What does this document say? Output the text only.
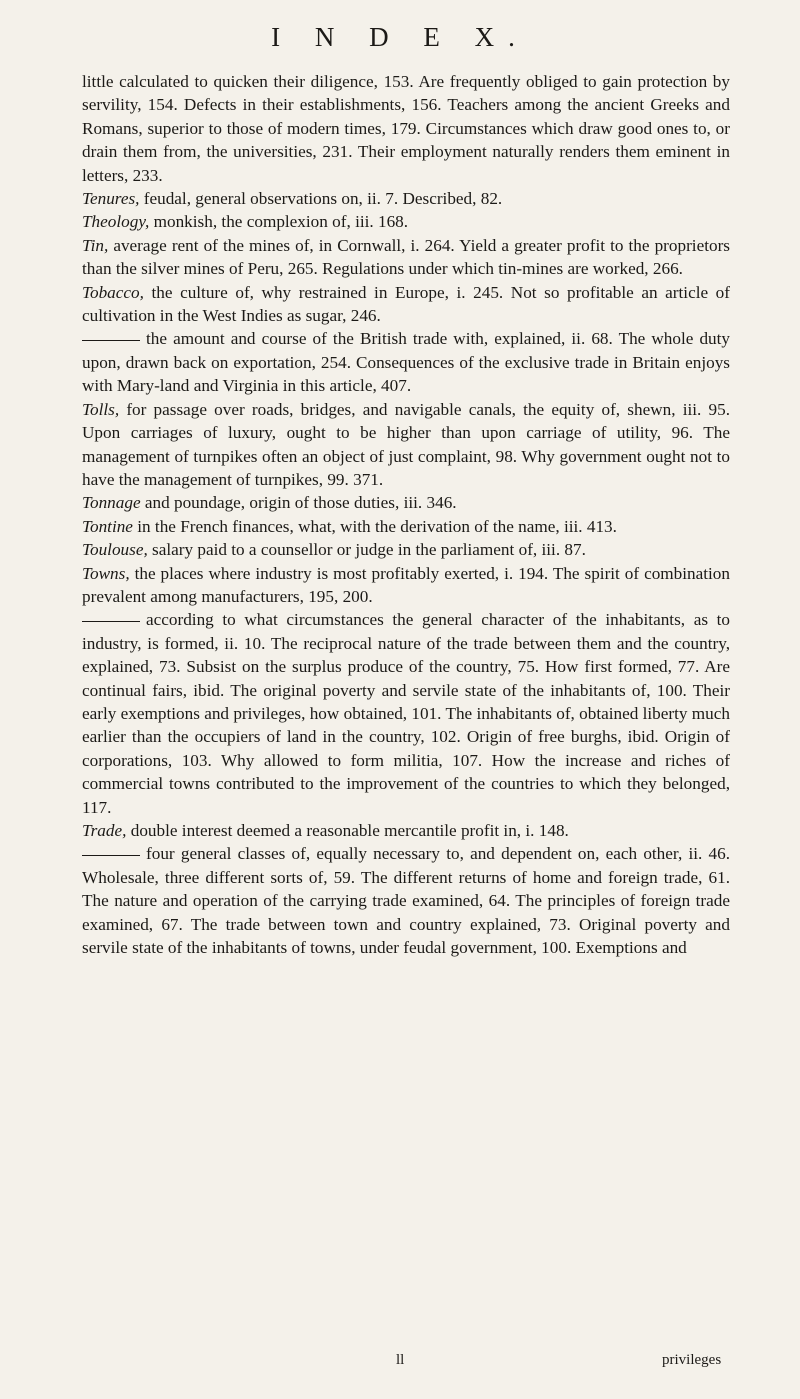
I N D E X.

little calculated to quicken their diligence, 153. Are frequently obliged to gain protection by servility, 154. Defects in their establishments, 156. Teachers among the ancient Greeks and Romans, superior to those of modern times, 179. Circumstances which draw good ones to, or drain them from, the universities, 231. Their employment naturally renders them eminent in letters, 233.

Tenures, feudal, general observations on, ii. 7. Described, 82.

Theology, monkish, the complexion of, iii. 168.

Tin, average rent of the mines of, in Cornwall, i. 264. Yield a greater profit to the proprietors than the silver mines of Peru, 265. Regulations under which tin-mines are worked, 266.

Tobacco, the culture of, why restrained in Europe, i. 245. Not so profitable an article of cultivation in the West Indies as sugar, 246.

the amount and course of the British trade with, explained, ii. 68. The whole duty upon, drawn back on exportation, 254. Consequences of the exclusive trade in Britain enjoys with Mary-land and Virginia in this article, 407.

Tolls, for passage over roads, bridges, and navigable canals, the equity of, shewn, iii. 95. Upon carriages of luxury, ought to be higher than upon carriage of utility, 96. The management of turnpikes often an object of just complaint, 98. Why government ought not to have the management of turnpikes, 99. 371.

Tonnage and poundage, origin of those duties, iii. 346.

Tontine in the French finances, what, with the derivation of the name, iii. 413.

Toulouse, salary paid to a counsellor or judge in the parliament of, iii. 87.

Towns, the places where industry is most profitably exerted, i. 194. The spirit of combination prevalent among manufacturers, 195, 200.

according to what circumstances the general character of the inhabitants, as to industry, is formed, ii. 10. The reciprocal nature of the trade between them and the country, explained, 73. Subsist on the surplus produce of the country, 75. How first formed, 77. Are continual fairs, ibid. The original poverty and servile state of the inhabitants of, 100. Their early exemptions and privileges, how obtained, 101. The inhabitants of, obtained liberty much earlier than the occupiers of land in the country, 102. Origin of free burghs, ibid. Origin of corporations, 103. Why allowed to form militia, 107. How the increase and riches of commercial towns contributed to the improvement of the countries to which they belonged, 117.

Trade, double interest deemed a reasonable mercantile profit in, i. 148.

four general classes of, equally necessary to, and dependent on, each other, ii. 46. Wholesale, three different sorts of, 59. The different returns of home and foreign trade, 61. The nature and operation of the carrying trade examined, 64. The principles of foreign trade examined, 67. The trade between town and country explained, 73. Original poverty and servile state of the inhabitants of towns, under feudal government, 100. Exemptions and

ll	privileges
